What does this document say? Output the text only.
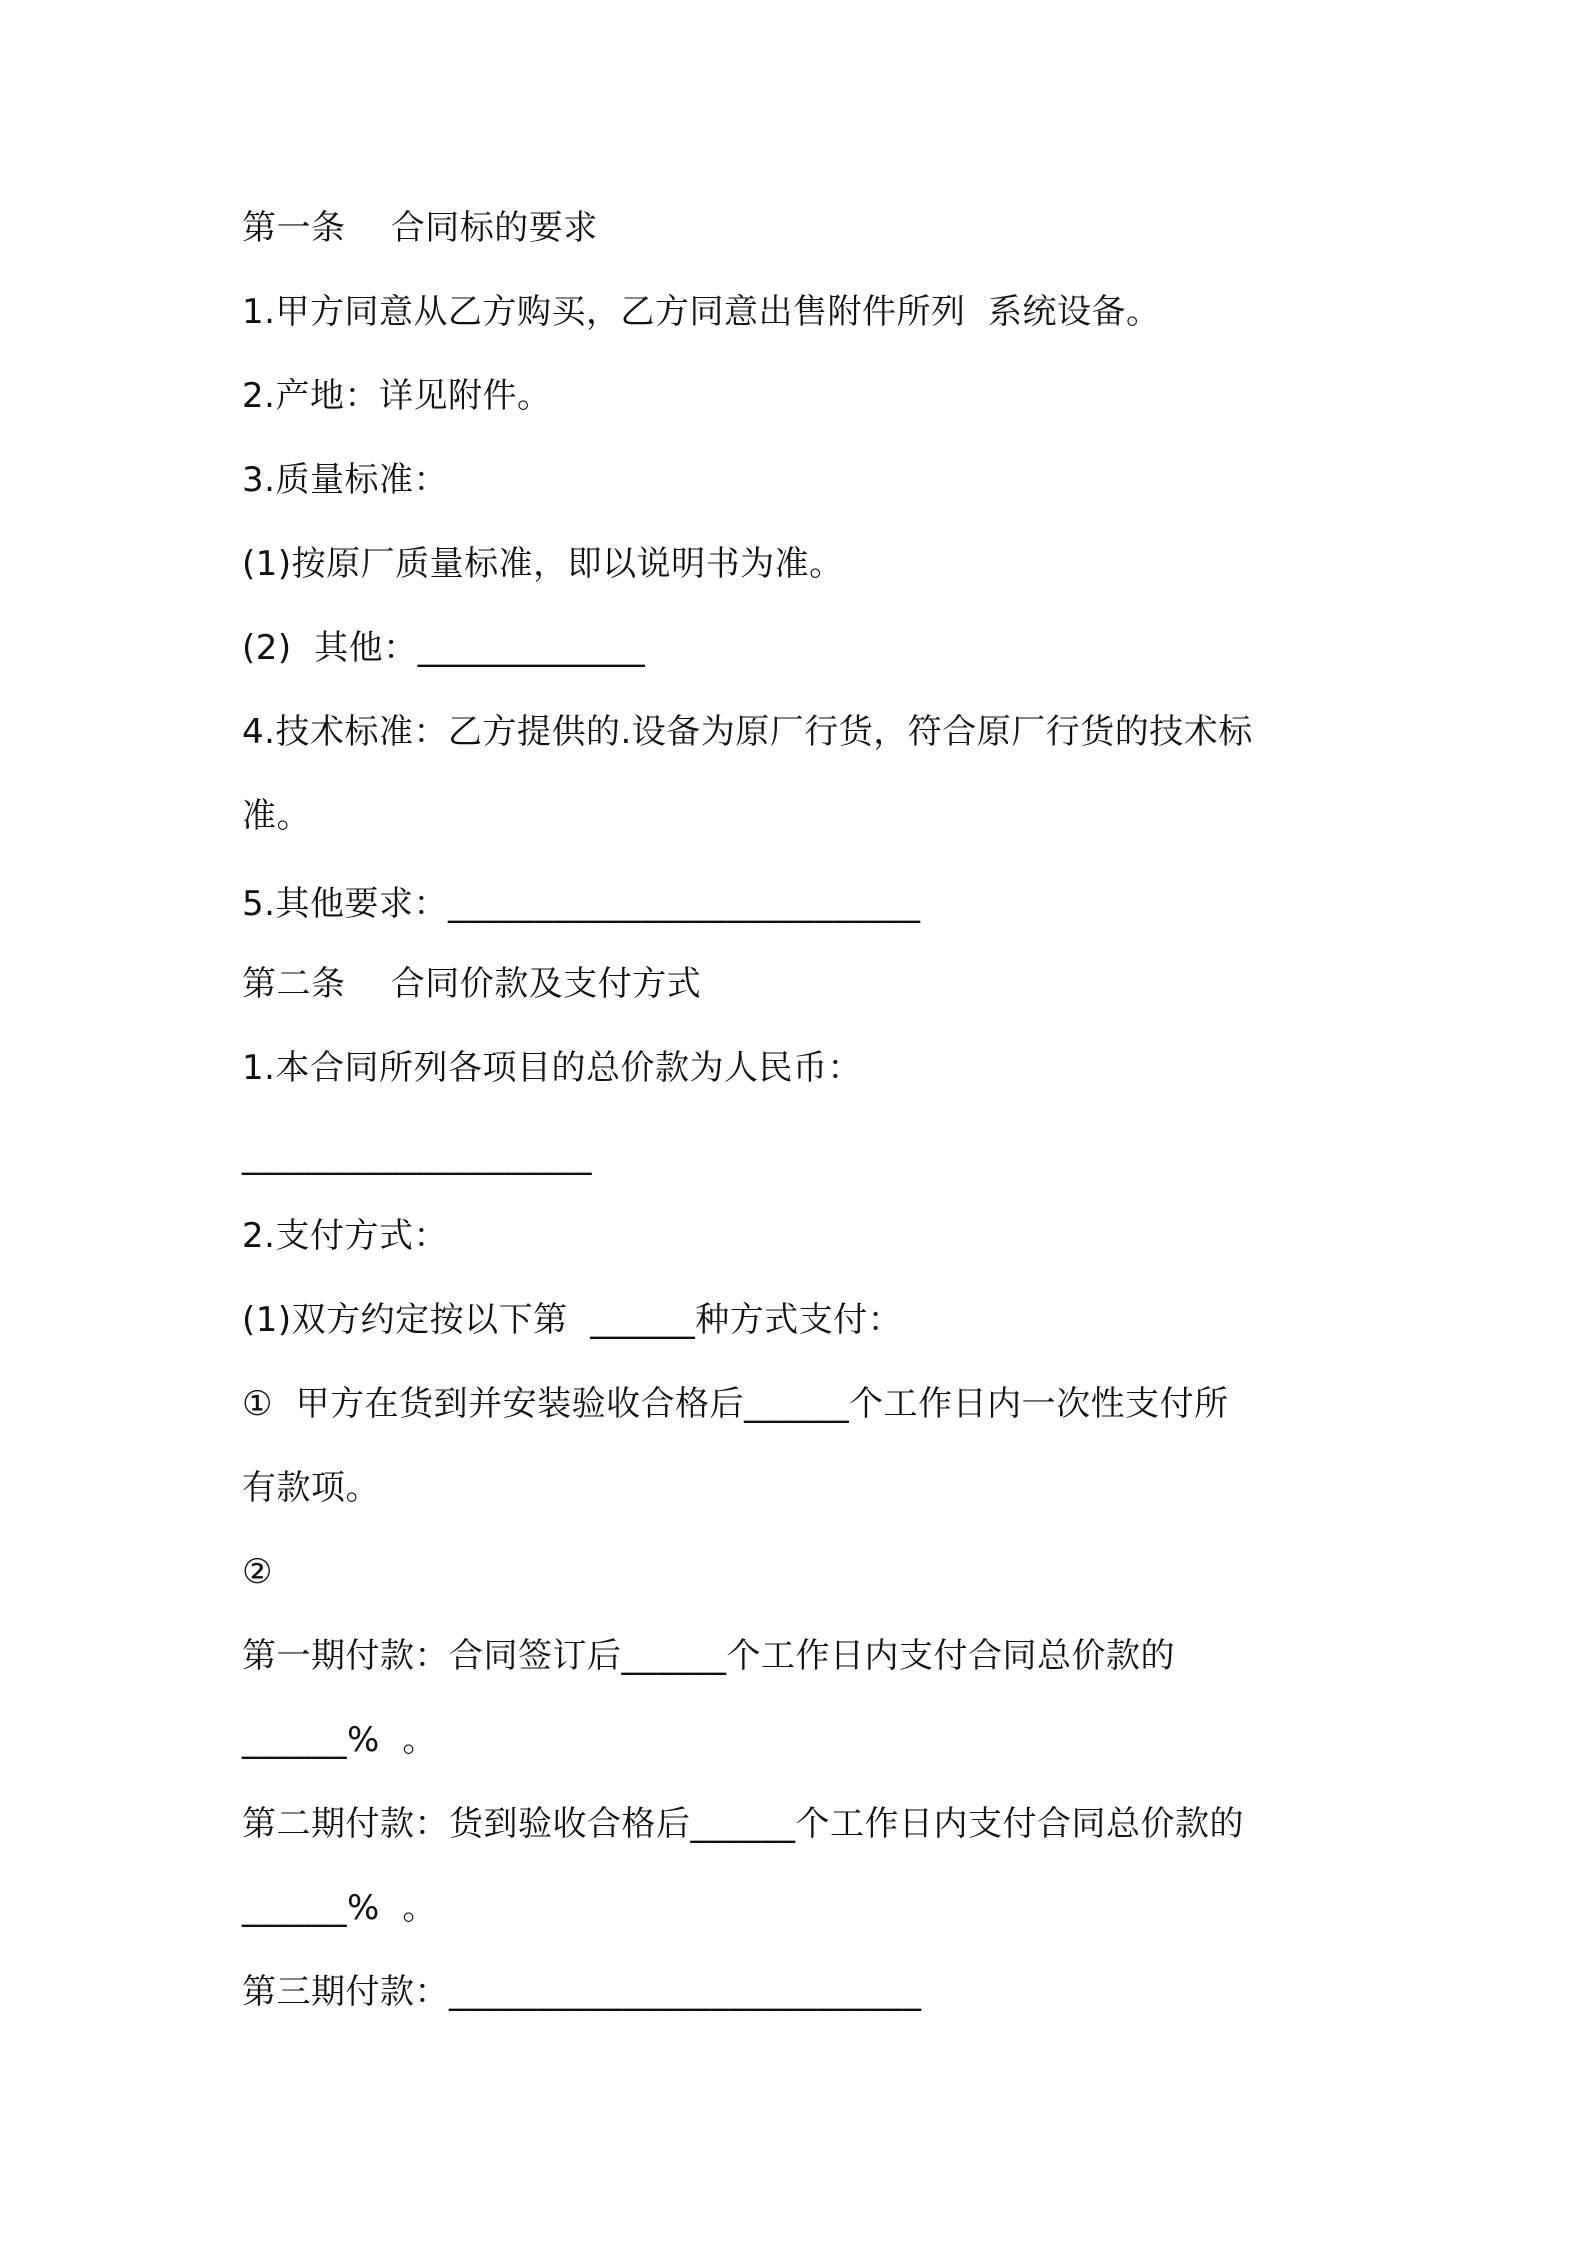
第一条    合同标的要求
1.甲方同意从乙方购买，乙方同意出售附件所列  系统设备。
2.产地：详见附件。
3.质量标准：
(1)按原厂质量标准，即以说明书为准。
(2)  其他：_____________
4.技术标准：乙方提供的.设备为原厂行货，符合原厂行货的技术标
准。
5.其他要求：___________________________
第二条    合同价款及支付方式
1.本合同所列各项目的总价款为人民币：
____________________
2.支付方式：
(1)双方约定按以下第  ______种方式支付：
①  甲方在货到并安装验收合格后______个工作日内一次性支付所
有款项。
②
第一期付款：合同签订后______个工作日内支付合同总价款的
______%  。
第二期付款：货到验收合格后______个工作日内支付合同总价款的
______%  。
第三期付款：___________________________
